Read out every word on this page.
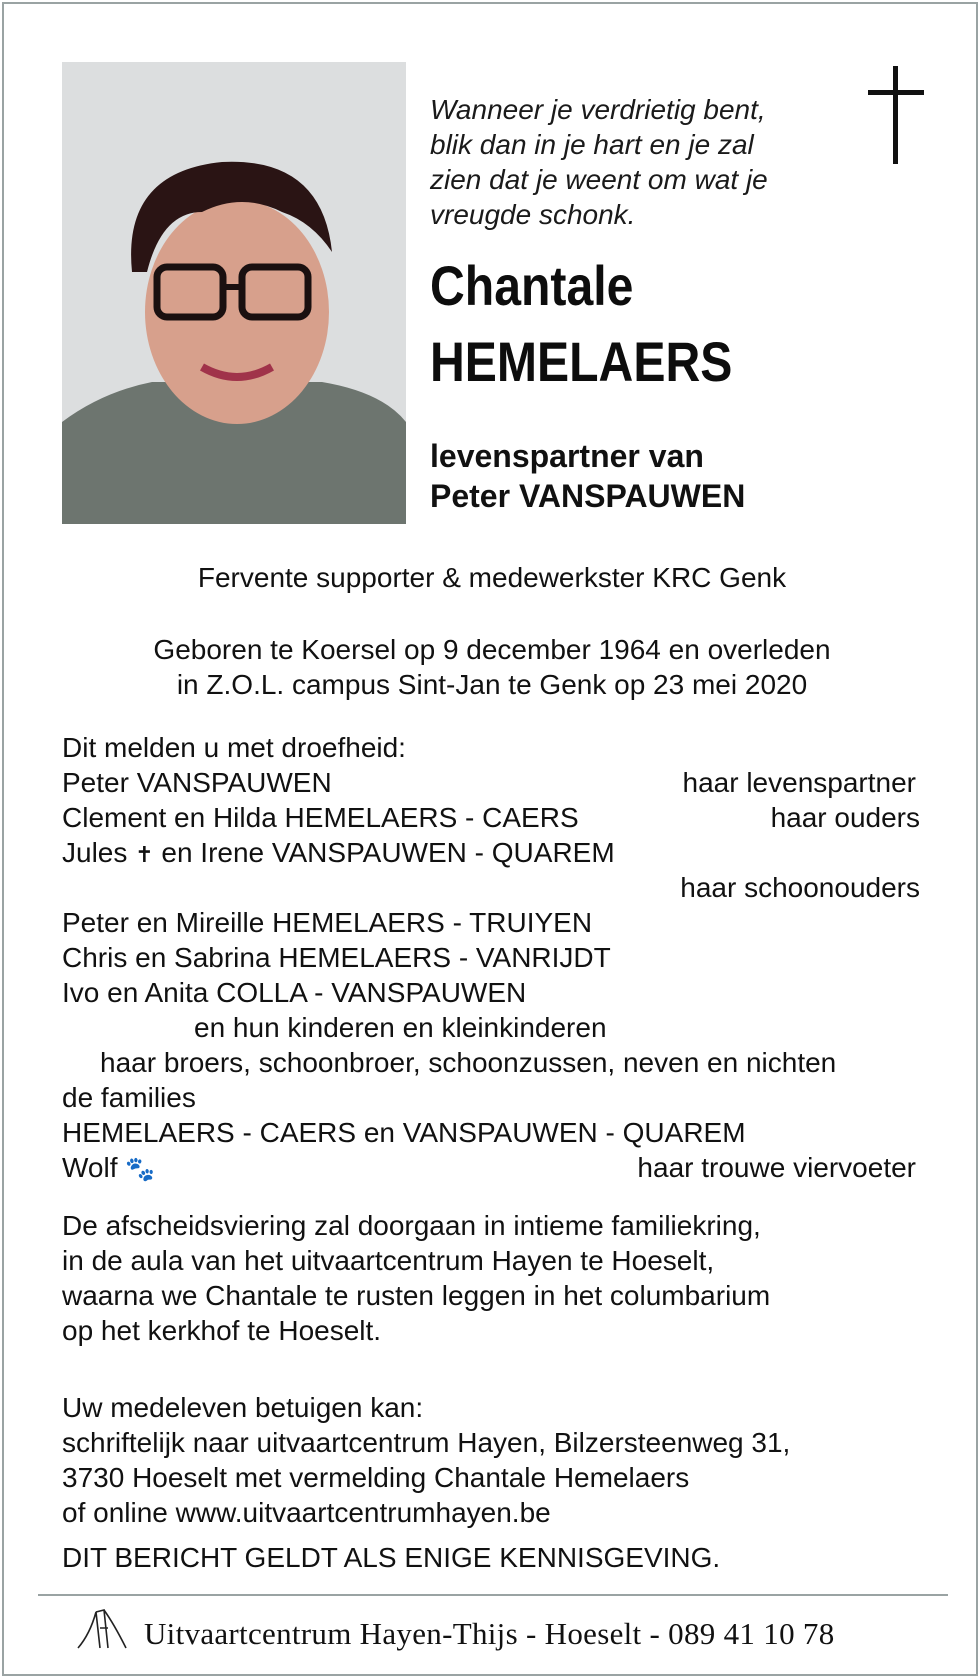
Wanneer je verdrietig bent,
blik dan in je hart en je zal
zien dat je weent om wat je
vreugde schonk.
Chantale
HEMELAERS
levenspartner van
Peter VANSPAUWEN
Fervente supporter & medewerkster KRC Genk
Geboren te Koersel op 9 december 1964 en overleden
in Z.O.L. campus Sint-Jan te Genk op 23 mei 2020
Dit melden u met droefheid:
Peter VANSPAUWEN	haar levenspartner
Clement en Hilda HEMELAERS - CAERS	haar ouders
Jules ✝ en Irene VANSPAUWEN - QUAREM
haar schoonouders
Peter en Mireille HEMELAERS - TRUIYEN
Chris en Sabrina HEMELAERS - VANRIJDT
Ivo en Anita COLLA - VANSPAUWEN
en hun kinderen en kleinkinderen
haar broers, schoonbroer, schoonzussen, neven en nichten
de families
HEMELAERS - CAERS en VANSPAUWEN - QUAREM
Wolf 🐾	haar trouwe viervoeter
De afscheidsviering zal doorgaan in intieme familiekring,
in de aula van het uitvaartcentrum Hayen te Hoeselt,
waarna we Chantale te rusten leggen in het columbarium
op het kerkhof te Hoeselt.
Uw medeleven betuigen kan:
schriftelijk naar uitvaartcentrum Hayen, Bilzersteenweg 31,
3730 Hoeselt met vermelding Chantale Hemelaers
of online www.uitvaartcentrumhayen.be
DIT BERICHT GELDT ALS ENIGE KENNISGEVING.
Uitvaartcentrum Hayen-Thijs - Hoeselt - 089 41 10 78
